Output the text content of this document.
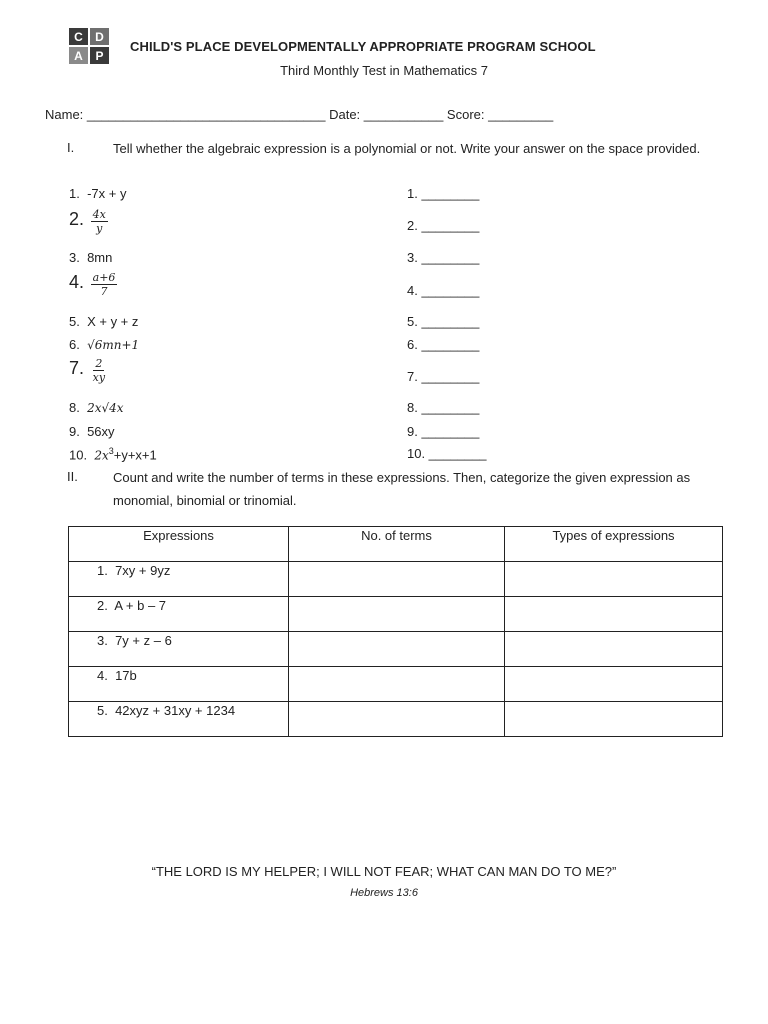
C D
A P
CHILD'S PLACE DEVELOPMENTALLY APPROPRIATE PROGRAM SCHOOL
Third Monthly Test in Mathematics 7
Name: _________________________________ Date: ___________ Score: _________
I.	Tell whether the algebraic expression is a polynomial or not. Write your answer on the space provided.
1. -7x + y
2. $\frac{4x}{y}$
3. 8mn
4. $\frac{a+6}{7}$
5. X + y + z
6. √6mn+1
7. $\frac{2}{xy}$
8. 2x√4x
9. 56xy
10. $2x^3+y+x+1$
1. ________
2. ________
3. ________
4. ________
5. ________
6. ________
7. ________
8. ________
9. ________
10. ________
II.	Count and write the number of terms in these expressions. Then, categorize the given expression as monomial, binomial or trinomial.
Expressions	No. of terms	Types of expressions
1. 7xy + 9yz		
2. A + b – 7		
3. 7y + z – 6		
4. 17b		
5. 42xyz + 31xy + 1234		
“THE LORD IS MY HELPER; I WILL NOT FEAR; WHAT CAN MAN DO TO ME?”
Hebrews 13:6
